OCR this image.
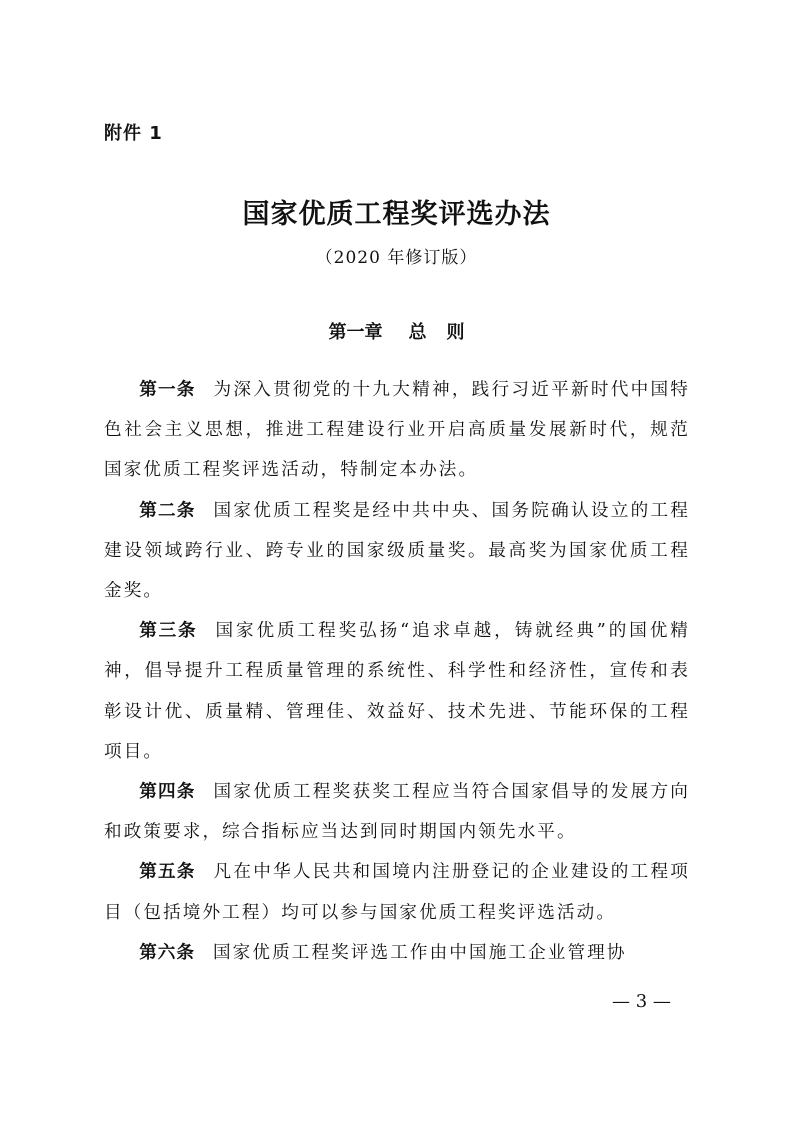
附件 1
国家优质工程奖评选办法
（2020 年修订版）
第一章 总 则

第一条 为深入贯彻党的十九大精神，践行习近平新时代中国特色社会主义思想，推进工程建设行业开启高质量发展新时代，规范国家优质工程奖评选活动，特制定本办法。

第二条 国家优质工程奖是经中共中央、国务院确认设立的工程建设领域跨行业、跨专业的国家级质量奖。最高奖为国家优质工程金奖。

第三条 国家优质工程奖弘扬“追求卓越，铸就经典”的国优精神，倡导提升工程质量管理的系统性、科学性和经济性，宣传和表彰设计优、质量精、管理佳、效益好、技术先进、节能环保的工程项目。

第四条 国家优质工程奖获奖工程应当符合国家倡导的发展方向和政策要求，综合指标应当达到同时期国内领先水平。

第五条 凡在中华人民共和国境内注册登记的企业建设的工程项目（包括境外工程）均可以参与国家优质工程奖评选活动。

第六条 国家优质工程奖评选工作由中国施工企业管理协

— 3 —
